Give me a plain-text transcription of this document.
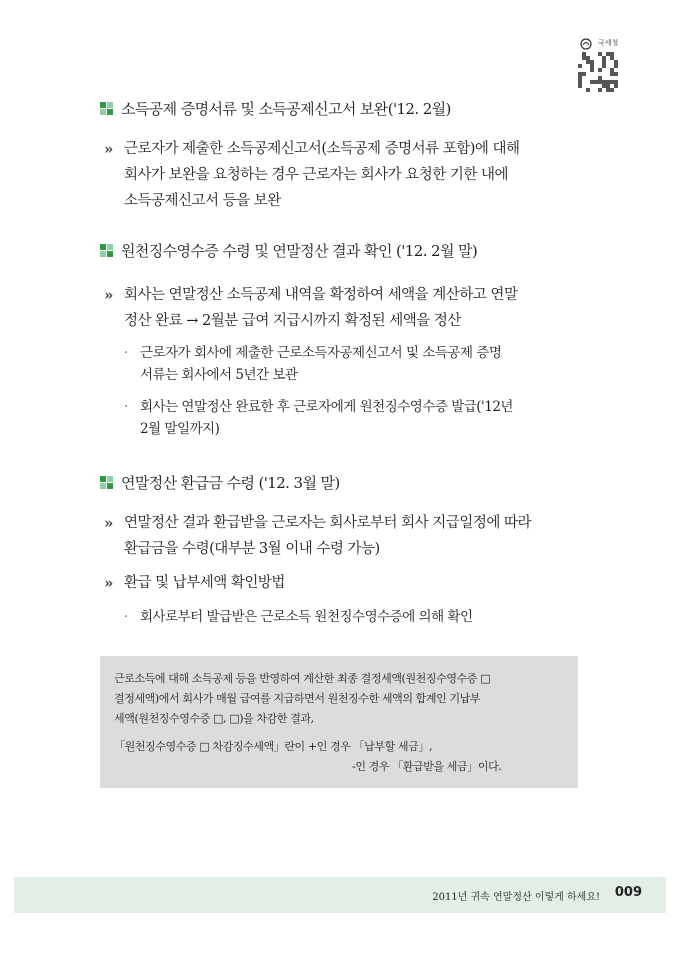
국세청
소득공제 증명서류 및 소득공제신고서 보완('12. 2월)
» 근로자가 제출한 소득공제신고서(소득공제 증명서류 포함)에 대해
회사가 보완을 요청하는 경우 근로자는 회사가 요청한 기한 내에
소득공제신고서 등을 보완
원천징수영수증 수령 및 연말정산 결과 확인 ('12. 2월 말)
» 회사는 연말정산 소득공제 내역을 확정하여 세액을 계산하고 연말
정산 완료 → 2월분 급여 지급시까지 확정된 세액을 정산
· 근로자가 회사에 제출한 근로소득자공제신고서 및 소득공제 증명
서류는 회사에서 5년간 보관
· 회사는 연말정산 완료한 후 근로자에게 원천징수영수증 발급('12년
2월 말일까지)
연말정산 환급금 수령 ('12. 3월 말)
» 연말정산 결과 환급받을 근로자는 회사로부터 회사 지급일정에 따라
환급금을 수령(대부분 3월 이내 수령 가능)
» 환급 및 납부세액 확인방법
· 회사로부터 발급받은 근로소득 원천징수영수증에 의해 확인
근로소득에 대해 소득공제 등을 반영하여 계산한 최종 결정세액(원천징수영수증 □
결정세액)에서 회사가 매월 급여를 지급하면서 원천징수한 세액의 합계인 기납부
세액(원천징수영수증 □, □)을 차감한 결과,
「원천징수영수증 □ 차감징수세액」란이 +인 경우 「납부할 세금」,
-인 경우 「환급받을 세금」이다.
2011년 귀속 연말정산 이렇게 하세요! 009
